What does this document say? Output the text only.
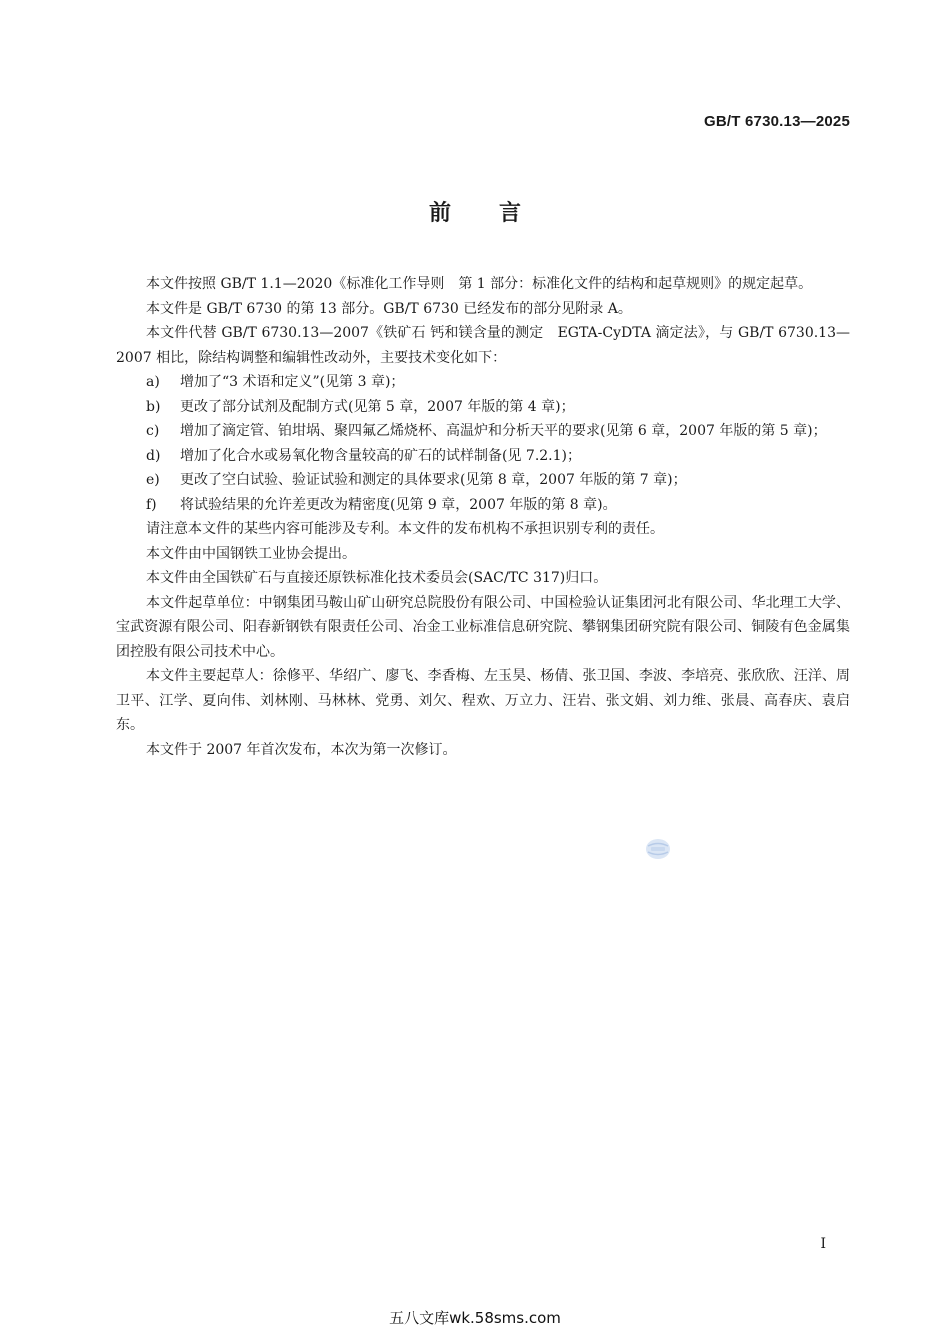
GB/T 6730.13—2025
前言

本文件按照 GB/T 1.1—2020《标准化工作导则　第 1 部分：标准化文件的结构和起草规则》的规定起草。

本文件是 GB/T 6730 的第 13 部分。GB/T 6730 已经发布的部分见附录 A。

本文件代替 GB/T 6730.13—2007《铁矿石 钙和镁含量的测定　EGTA-CyDTA 滴定法》，与 GB/T 6730.13—2007 相比，除结构调整和编辑性改动外，主要技术变化如下：

a)	增加了“3 术语和定义”(见第 3 章)；
b)	更改了部分试剂及配制方式(见第 5 章，2007 年版的第 4 章)；
c)	增加了滴定管、铂坩埚、聚四氟乙烯烧杯、高温炉和分析天平的要求(见第 6 章，2007 年版的第 5 章)；
d)	增加了化合水或易氧化物含量较高的矿石的试样制备(见 7.2.1)；
e)	更改了空白试验、验证试验和测定的具体要求(见第 8 章，2007 年版的第 7 章)；
f)	将试验结果的允许差更改为精密度(见第 9 章，2007 年版的第 8 章)。

请注意本文件的某些内容可能涉及专利。本文件的发布机构不承担识别专利的责任。

本文件由中国钢铁工业协会提出。

本文件由全国铁矿石与直接还原铁标准化技术委员会(SAC/TC 317)归口。

本文件起草单位：中钢集团马鞍山矿山研究总院股份有限公司、中国检验认证集团河北有限公司、华北理工大学、宝武资源有限公司、阳春新钢铁有限责任公司、冶金工业标准信息研究院、攀钢集团研究院有限公司、铜陵有色金属集团控股有限公司技术中心。

本文件主要起草人：徐修平、华绍广、廖飞、李香梅、左玉昊、杨倩、张卫国、李波、李培亮、张欣欣、汪洋、周卫平、江学、夏向伟、刘林刚、马林林、党勇、刘欠、程欢、万立力、汪岩、张文娟、刘力维、张晨、高春庆、袁启东。

本文件于 2007 年首次发布，本次为第一次修订。

I
五八文库wk.58sms.com
